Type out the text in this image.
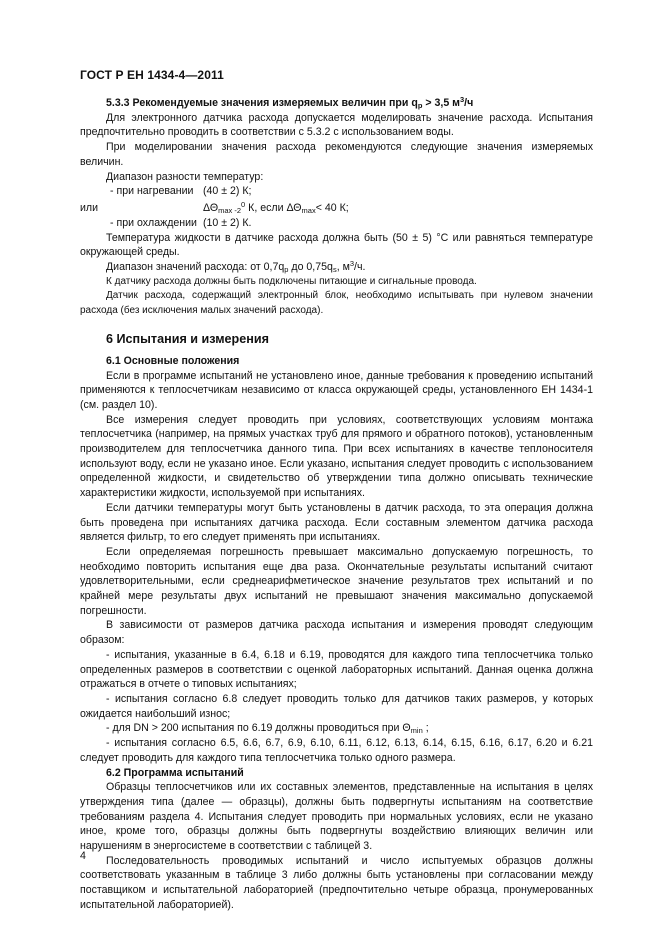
ГОСТ Р ЕН 1434-4—2011

5.3.3 Рекомендуемые значения измеряемых величин при $q_p > 3,5$ $м^3/ч$

Для электронного датчика расхода допускается моделировать значение расхода. Испытания предпочтительно проводить в соответствии с 5.3.2 с использованием воды.

При моделировании значения расхода рекомендуются следующие значения измеряемых величин.

Диапазон разности температур:

- при нагревании (40 ± 2) К;
или	$\Delta\Theta_{max -2}^0$ К, если $\Delta\Theta_{max}< 40$ К;
- при охлаждении (10 ± 2) К.

Температура жидкости в датчике расхода должна быть (50 ± 5) °С или равняться температуре окружающей среды.

Диапазон значений расхода: от $0,7q_p$ до $0,75q_s$, $м^3/ч$.

К датчику расхода должны быть подключены питающие и сигнальные провода.

Датчик расхода, содержащий электронный блок, необходимо испытывать при нулевом значении расхода (без исключения малых значений расхода).

6 Испытания и измерения

6.1 Основные положения

Если в программе испытаний не установлено иное, данные требования к проведению испытаний применяются к теплосчетчикам независимо от класса окружающей среды, установленного ЕН 1434-1 (см. раздел 10).

Все измерения следует проводить при условиях, соответствующих условиям монтажа теплосчетчика (например, на прямых участках труб для прямого и обратного потоков), установленным производителем для теплосчетчика данного типа. При всех испытаниях в качестве теплоносителя используют воду, если не указано иное. Если указано, испытания следует проводить с использованием определенной жидкости, и свидетельство об утверждении типа должно описывать технические характеристики жидкости, используемой при испытаниях.

Если датчики температуры могут быть установлены в датчик расхода, то эта операция должна быть проведена при испытаниях датчика расхода. Если составным элементом датчика расхода является фильтр, то его следует применять при испытаниях.

Если определяемая погрешность превышает максимально допускаемую погрешность, то необходимо повторить испытания еще два раза. Окончательные результаты испытаний считают удовлетворительными, если среднеарифметическое значение результатов трех испытаний и по крайней мере результаты двух испытаний не превышают значения максимально допускаемой погрешности.

В зависимости от размеров датчика расхода испытания и измерения проводят следующим образом:

- испытания, указанные в 6.4, 6.18 и 6.19, проводятся для каждого типа теплосчетчика только определенных размеров в соответствии с оценкой лабораторных испытаний. Данная оценка должна отражаться в отчете о типовых испытаниях;

- испытания согласно 6.8 следует проводить только для датчиков таких размеров, у которых ожидается наибольший износ;

- для DN > 200 испытания по 6.19 должны проводиться при $\Theta_{min}$ ;

- испытания согласно 6.5, 6.6, 6.7, 6.9, 6.10, 6.11, 6.12, 6.13, 6.14, 6.15, 6.16, 6.17, 6.20 и 6.21 следует проводить для каждого типа теплосчетчика только одного размера.

6.2 Программа испытаний

Образцы теплосчетчиков или их составных элементов, представленные на испытания в целях утверждения типа (далее — образцы), должны быть подвергнуты испытаниям на соответствие требованиям раздела 4. Испытания следует проводить при нормальных условиях, если не указано иное, кроме того, образцы должны быть подвергнуты воздействию влияющих величин или нарушениям в энергосистеме в соответствии с таблицей 3.

Последовательность проводимых испытаний и число испытуемых образцов должны соответствовать указанным в таблице 3 либо должны быть установлены при согласовании между поставщиком и испытательной лабораторией (предпочтительно четыре образца, пронумерованных испытательной лабораторией).

4
